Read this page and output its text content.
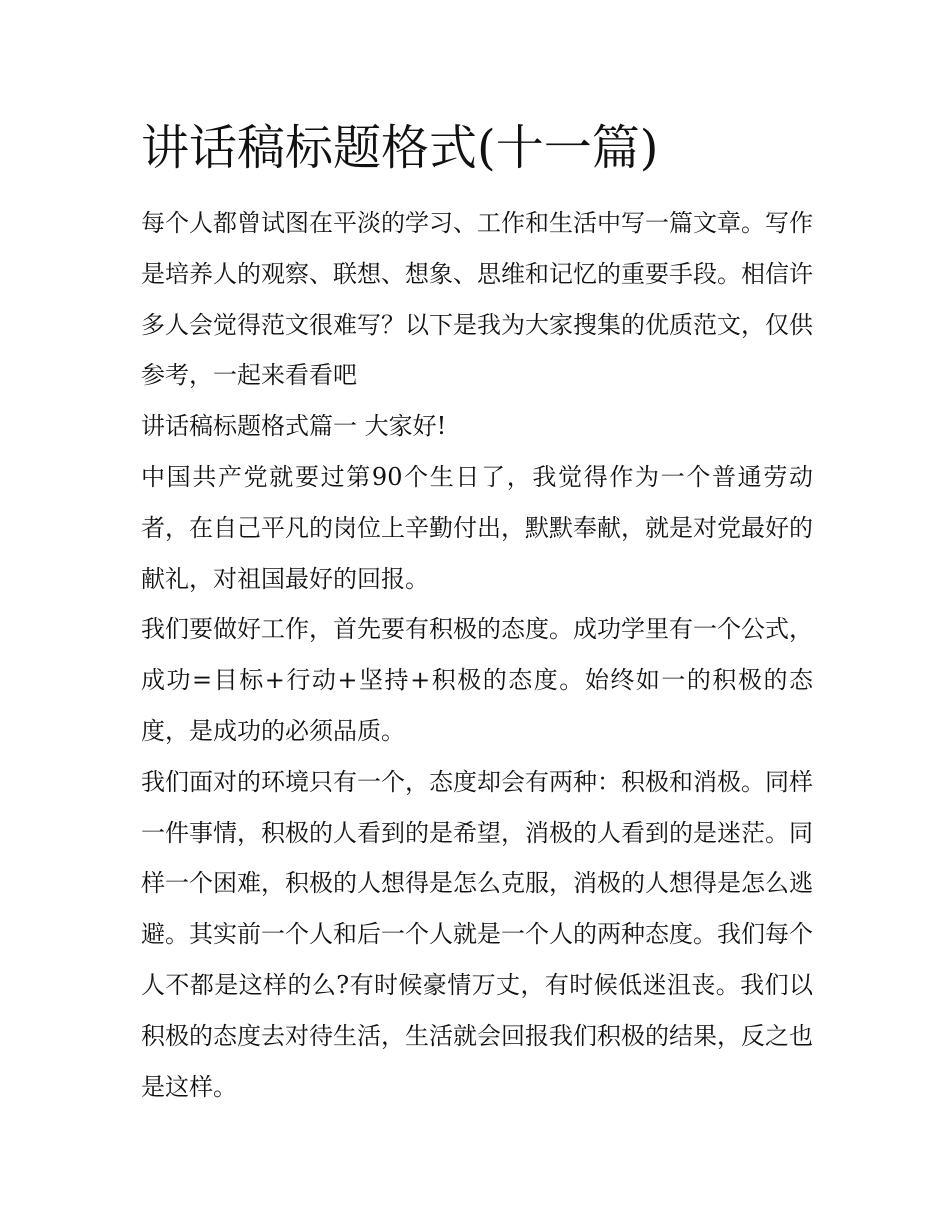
讲话稿标题格式(十一篇)

每个人都曾试图在平淡的学习、工作和生活中写一篇文章。写作是培养人的观察、联想、想象、思维和记忆的重要手段。相信许多人会觉得范文很难写？以下是我为大家搜集的优质范文，仅供参考，一起来看看吧

讲话稿标题格式篇一 大家好!

中国共产党就要过第90个生日了，我觉得作为一个普通劳动者，在自己平凡的岗位上辛勤付出，默默奉献，就是对党最好的献礼，对祖国最好的回报。

我们要做好工作，首先要有积极的态度。成功学里有一个公式，成功=目标+行动+坚持+积极的态度。始终如一的积极的态度，是成功的必须品质。

我们面对的环境只有一个，态度却会有两种：积极和消极。同样一件事情，积极的人看到的是希望，消极的人看到的是迷茫。同样一个困难，积极的人想得是怎么克服，消极的人想得是怎么逃避。其实前一个人和后一个人就是一个人的两种态度。我们每个人不都是这样的么?有时候豪情万丈，有时候低迷沮丧。我们以积极的态度去对待生活，生活就会回报我们积极的结果，反之也是这样。
